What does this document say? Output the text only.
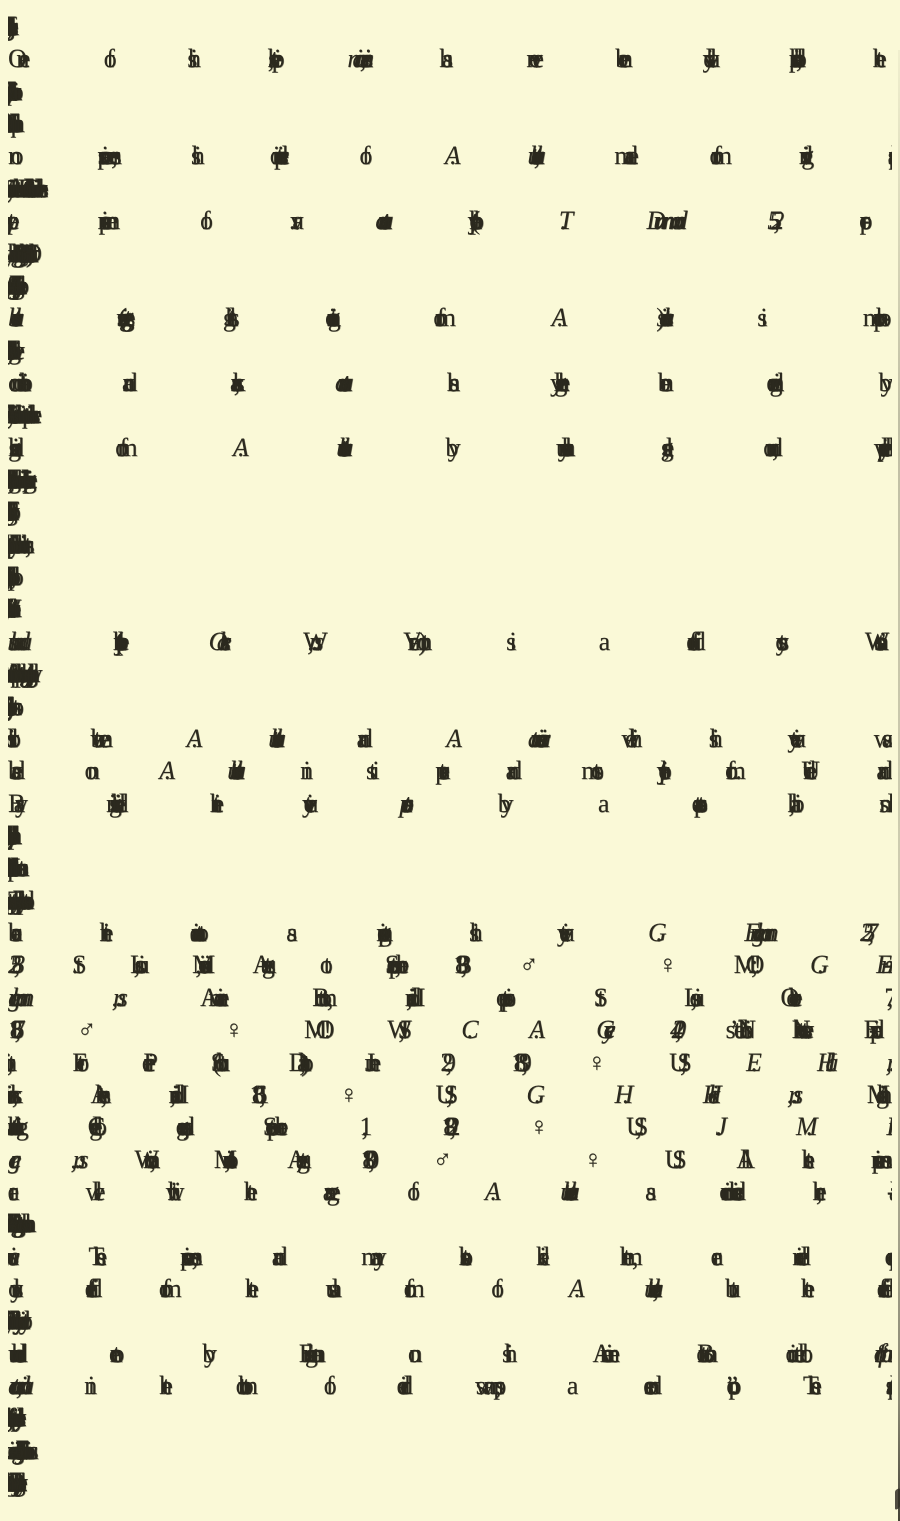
One of his epithets, miamiensis, has never been validly published; the
no specimens, his description of A. tuberculata, made from living plants
type specimen of var. concatenata (holotype: T. Drummond 552, pro-
berculatus (suggesting slight introgression from A. australis) is morpho-
combinations and ranks, concatenata has generally been recognized by
guished from A. tuberculatus by unusually large, round, widely-spaced
subnuda (holotype: Oakes s.n.,W. Vermont) is a different story. Watson’s
brids between A. tuberculatus and A. tamariscinus while his variety was
based on A. tuberculatus in its purest and most typical form. Uline and
Bray distinguished their variety prostrata by a prostrate habit, small
bear their annotations as representing this variety: G. Engelmann 257,
258, St. Louis, Missouri, August to September, 1893, ♂ ♀MO!; G. En-
gelmann s.n., American Bottom, Illinois, opposite St. Louis, October 7,
1867, ♂ ♀MO! WIS!; C. A. Geyer 420, Nicollet’s Northwestern Expedi-
tion, Fort Pierre (South Dakota), June 29, 1839, ♀US!; E. Hall s.n.,
riverbanks, Athens, Illinois, 1861, ♀US!; G. H. Hicks s.n., Michigan
Agricultural College grounds, September 1, 1892, ♀US!; J. M. Holzin-
ger s.n., Winona, Minnesota, August, 1890, ♂ ♀US!. All these specimens
are well within the range of A. tuberculatus as circumscribed here, al-
cinus. These specimens, and many others like them, are indeed conspicu-
ously different from the usual form of A. tuberculatus, but the difference
unheeded note by Engelmann on his American Bottom collection: “forma
autumnalis, in the bottom of dried swamps, a second crop.” These plants
